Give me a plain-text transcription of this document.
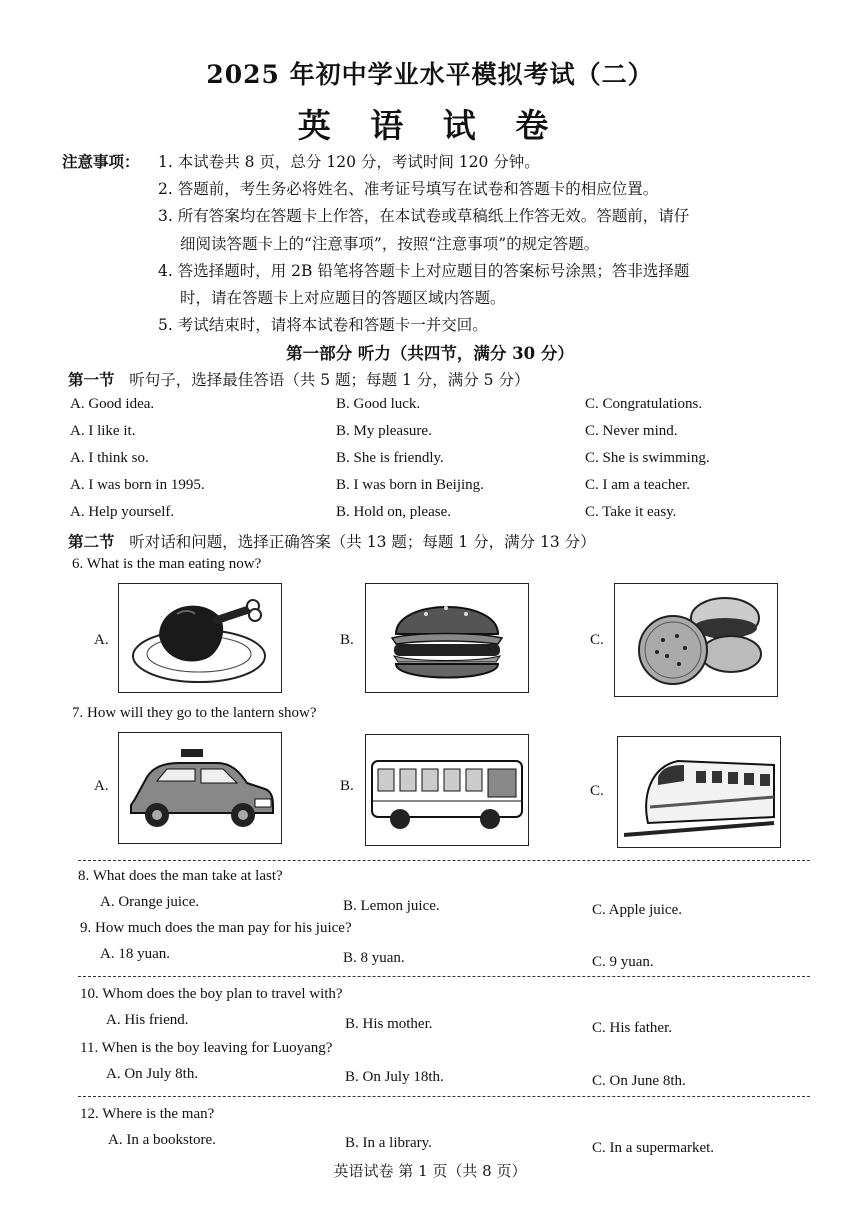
2025 年初中学业水平模拟考试（二）
英 语 试 卷
注意事项： 1. 本试卷共 8 页，总分 120 分，考试时间 120 分钟。
2. 答题前，考生务必将姓名、准考证号填写在试卷和答题卡的相应位置。
3. 所有答案均在答题卡上作答，在本试卷或草稿纸上作答无效。答题前，请仔
细阅读答题卡上的“注意事项”，按照“注意事项”的规定答题。
4. 答选择题时，用 2B 铅笔将答题卡上对应题目的答案标号涂黑；答非选择题
时，请在答题卡上对应题目的答题区域内答题。
5. 考试结束时，请将本试卷和答题卡一并交回。
第一部分 听力（共四节，满分 30 分）
第一节 听句子，选择最佳答语（共 5 题；每题 1 分，满分 5 分）
A. Good idea.	B. Good luck.	C. Congratulations.
A. I like it.	B. My pleasure.	C. Never mind.
A. I think so.	B. She is friendly.	C. She is swimming.
A. I was born in 1995.	B. I was born in Beijing.	C. I am a teacher.
A. Help yourself.	B. Hold on, please.	C. Take it easy.
第二节 听对话和问题，选择正确答案（共 13 题；每题 1 分，满分 13 分）
6. What is the man eating now?
A.	B.	C.
7. How will they go to the lantern show?
A.	B.	C.
8. What does the man take at last?
A. Orange juice.	B. Lemon juice.	C. Apple juice.
9. How much does the man pay for his juice?
A. 18 yuan.	B. 8 yuan.	C. 9 yuan.
10. Whom does the boy plan to travel with?
A. His friend.	B. His mother.	C. His father.
11. When is the boy leaving for Luoyang?
A. On July 8th.	B. On July 18th.	C. On June 8th.
12. Where is the man?
A. In a bookstore.	B. In a library.	C. In a supermarket.
英语试卷 第 1 页（共 8 页）
